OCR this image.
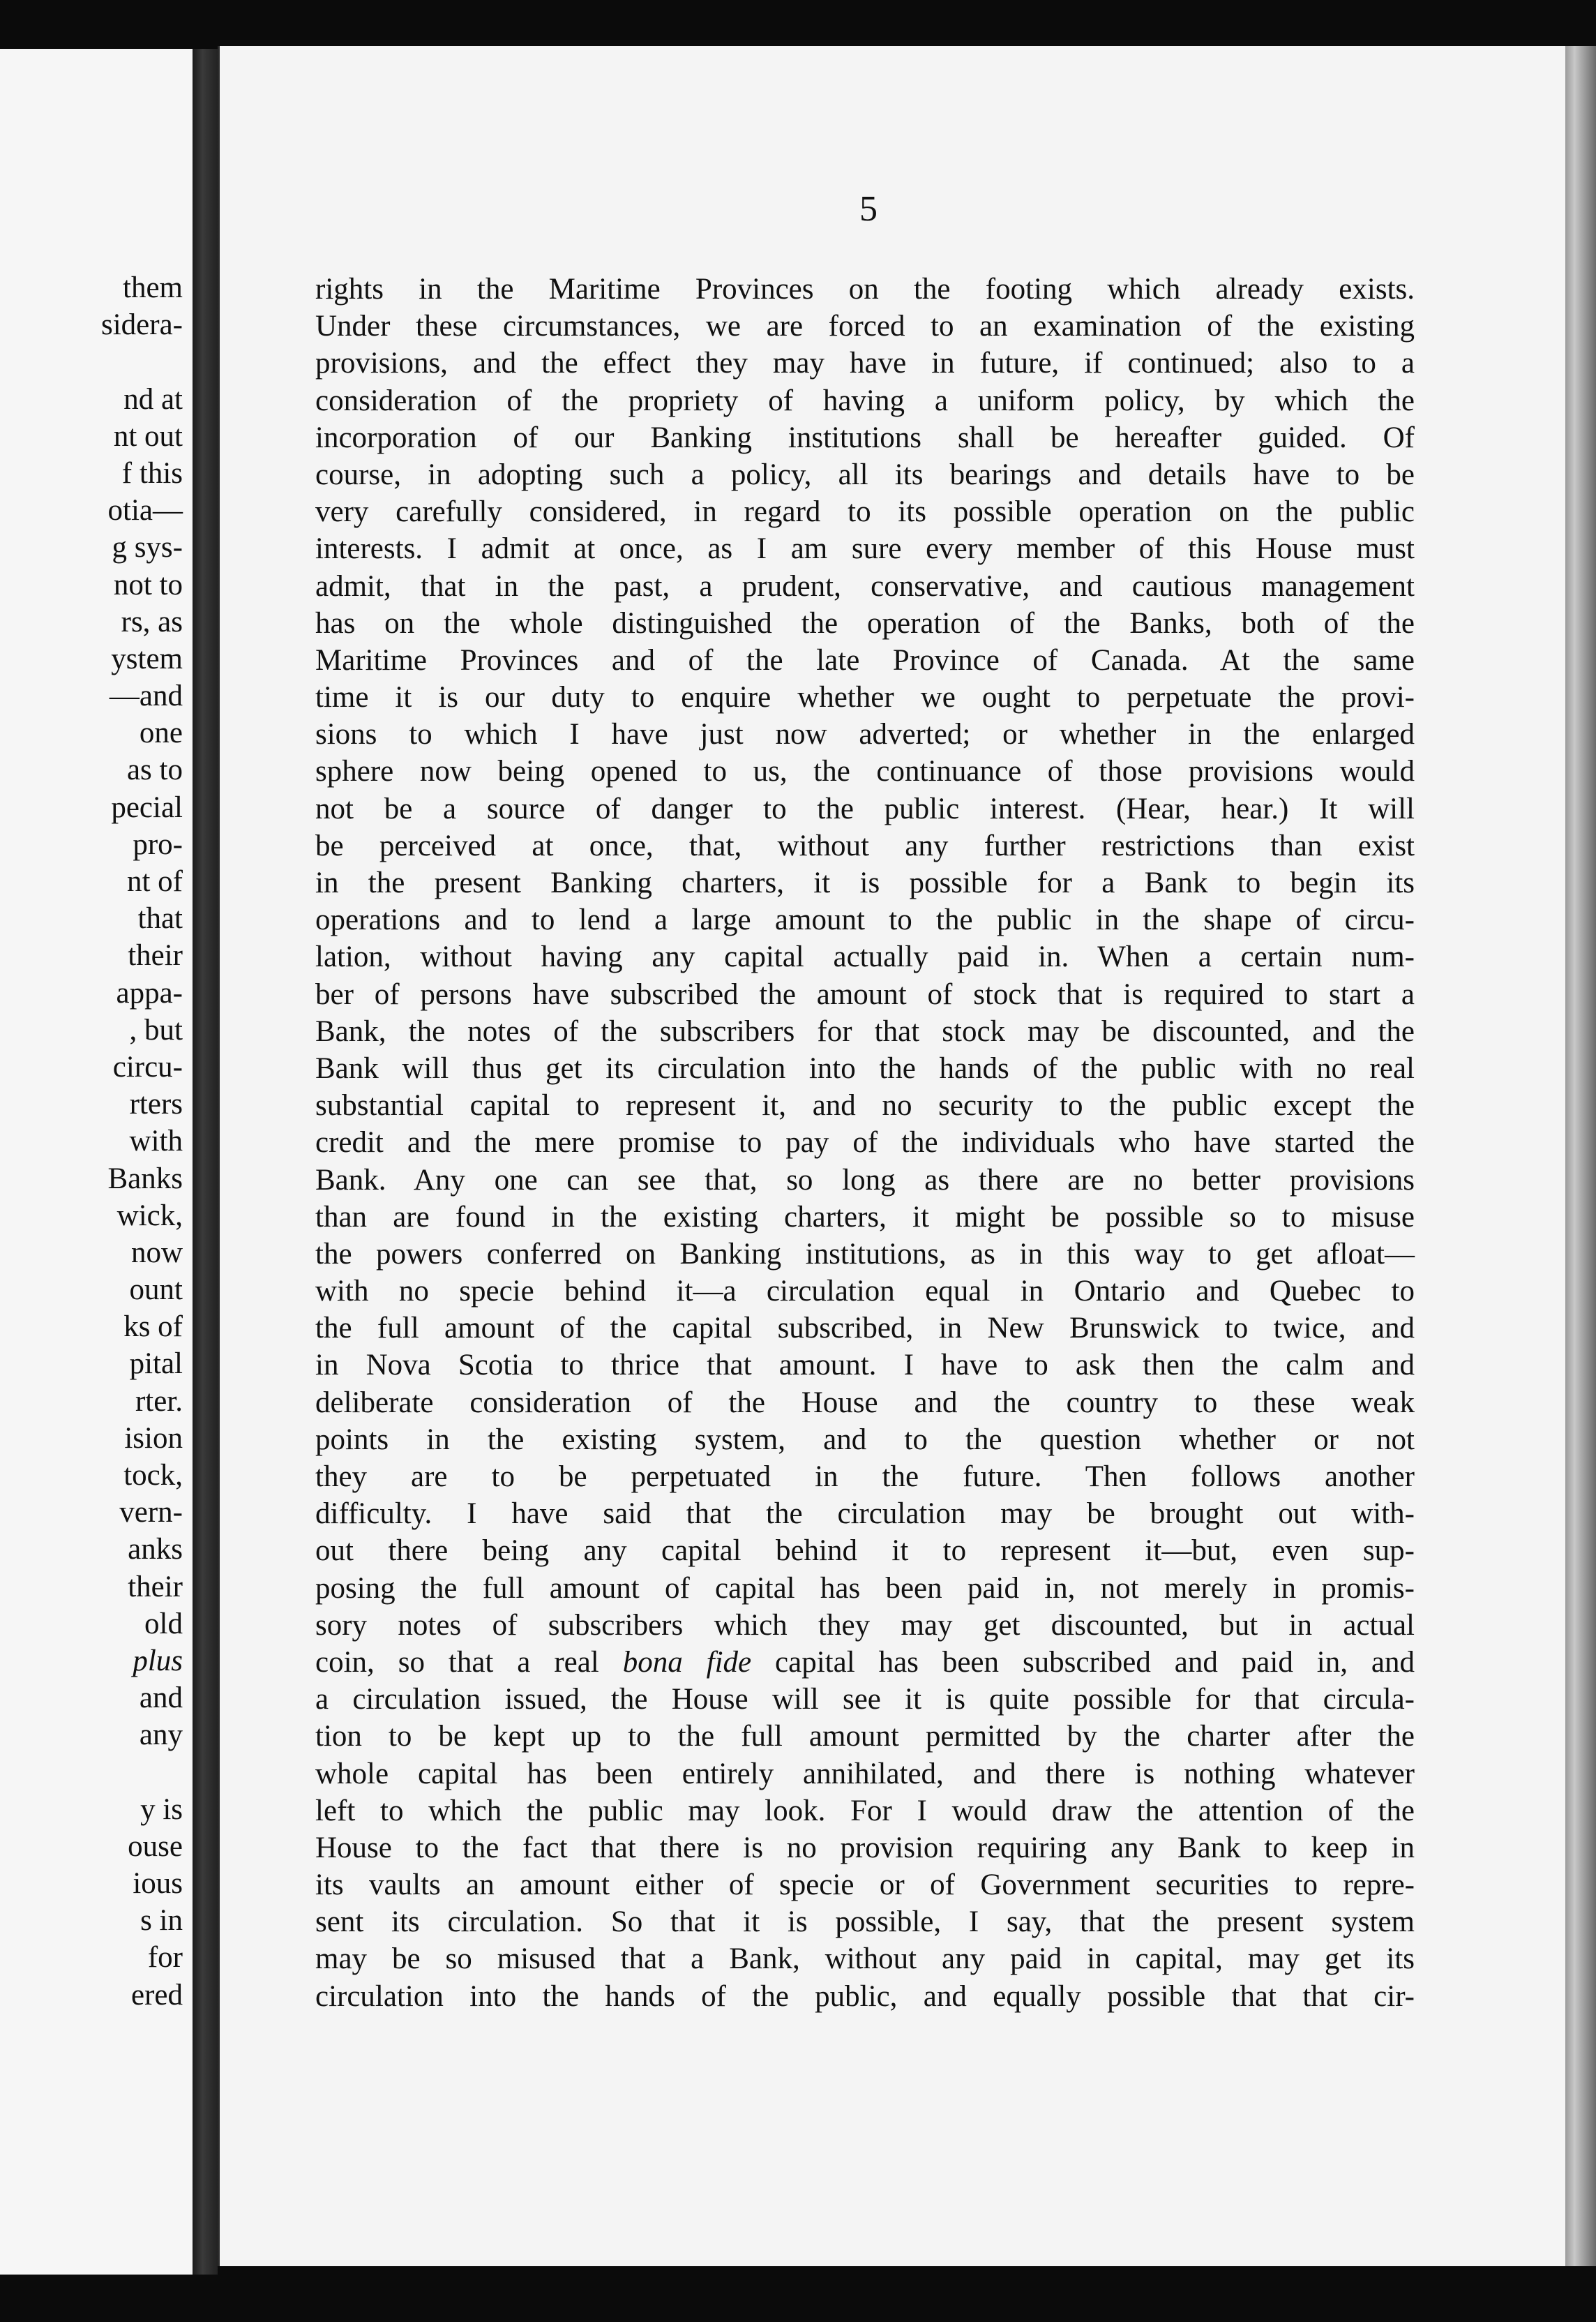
them
sidera-
nd at
nt out
f this
otia—
g sys-
not to
rs, as
ystem
—and
one
as to
pecial
pro-
nt of
that
their
appa-
, but
circu-
rters
with
Banks
wick,
now
ount
ks of
pital
rter.
ision
tock,
vern-
anks
their
old
plus
and
any
y is
ouse
ious
s in
for
ered
5
rights in the Maritime Provinces on the footing which already exists.
Under these circumstances, we are forced to an examination of the existing
provisions, and the effect they may have in future, if continued; also to a
consideration of the propriety of having a uniform policy, by which the
incorporation of our Banking institutions shall be hereafter guided. Of
course, in adopting such a policy, all its bearings and details have to be
very carefully considered, in regard to its possible operation on the public
interests. I admit at once, as I am sure every member of this House must
admit, that in the past, a prudent, conservative, and cautious management
has on the whole distinguished the operation of the Banks, both of the
Maritime Provinces and of the late Province of Canada. At the same
time it is our duty to enquire whether we ought to perpetuate the provi-
sions to which I have just now adverted; or whether in the enlarged
sphere now being opened to us, the continuance of those provisions would
not be a source of danger to the public interest. (Hear, hear.) It will
be perceived at once, that, without any further restrictions than exist
in the present Banking charters, it is possible for a Bank to begin its
operations and to lend a large amount to the public in the shape of circu-
lation, without having any capital actually paid in. When a certain num-
ber of persons have subscribed the amount of stock that is required to start a
Bank, the notes of the subscribers for that stock may be discounted, and the
Bank will thus get its circulation into the hands of the public with no real
substantial capital to represent it, and no security to the public except the
credit and the mere promise to pay of the individuals who have started the
Bank. Any one can see that, so long as there are no better provisions
than are found in the existing charters, it might be possible so to misuse
the powers conferred on Banking institutions, as in this way to get afloat—
with no specie behind it—a circulation equal in Ontario and Quebec to
the full amount of the capital subscribed, in New Brunswick to twice, and
in Nova Scotia to thrice that amount. I have to ask then the calm and
deliberate consideration of the House and the country to these weak
points in the existing system, and to the question whether or not
they are to be perpetuated in the future. Then follows another
difficulty. I have said that the circulation may be brought out with-
out there being any capital behind it to represent it—but, even sup-
posing the full amount of capital has been paid in, not merely in promis-
sory notes of subscribers which they may get discounted, but in actual
coin, so that a real bona fide capital has been subscribed and paid in, and
a circulation issued, the House will see it is quite possible for that circula-
tion to be kept up to the full amount permitted by the charter after the
whole capital has been entirely annihilated, and there is nothing whatever
left to which the public may look. For I would draw the attention of the
House to the fact that there is no provision requiring any Bank to keep in
its vaults an amount either of specie or of Government securities to repre-
sent its circulation. So that it is possible, I say, that the present system
may be so misused that a Bank, without any paid in capital, may get its
circulation into the hands of the public, and equally possible that that cir-
